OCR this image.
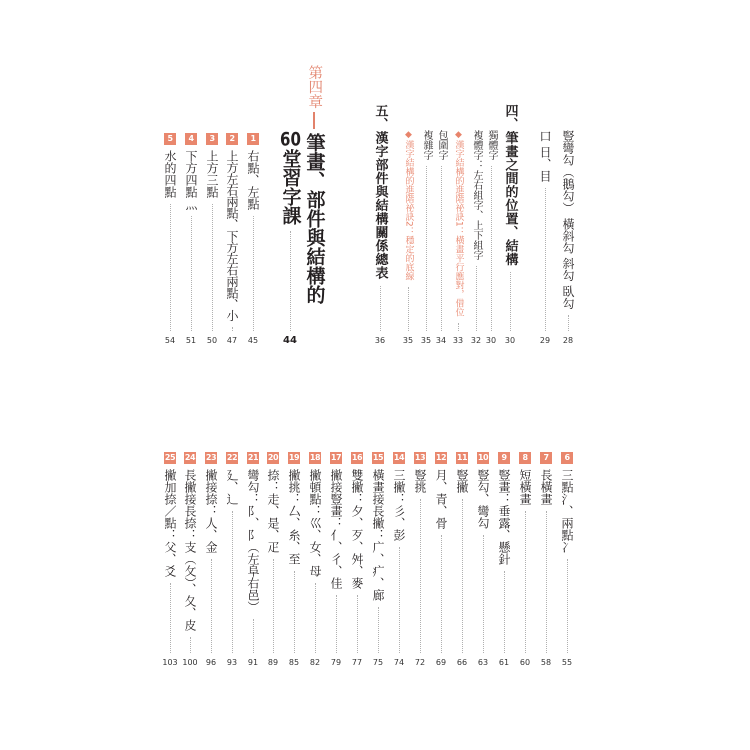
豎彎勾（鵝勾） 橫斜勾 斜勾 臥勾
28
口 日、目
29
四、筆畫之間的位置、結構
30
獨體字
30
複體字：左右組字、上下組字
32
◆漢字結構的進階祕訣1：橫畫平行應對，借位
33
包圍字
34
複雜字
35
◆漢字結構的進階祕訣2：穩定的底線
35
五、漢字部件與結構關係總表
36
第四章
筆畫、部件與結構的
60堂習字課
44
1
右點、左點
45
2
上方左右兩點、下方左右兩點、小
47
3
上方三點
50
4
下方四點灬
51
5
水的四點
54
6
三點氵、兩點冫
55
7
長橫畫
58
8
短橫畫
60
9
豎畫：垂露、懸針
61
10
豎勾、彎勾
63
11
豎撇
66
12
月、青、骨
69
13
豎挑
72
14
三撇：彡、彭
74
15
橫畫接長撇：广、疒、廊
75
16
雙撇：夕、歹、舛、麥
77
17
撇接豎畫：亻、彳、佳
79
18
撇頓點：巛、女、母
82
19
撇挑：厶、糸、至
85
20
捺：走、是、疋
89
21
彎勾：阝、阝（左阜右邑）
91
22
廴、辶
93
23
撇接捺：人、金
96
24
長撇接長捺：支（攵）、夂、皮
100
25
撇加捺／點：父、爻
103
